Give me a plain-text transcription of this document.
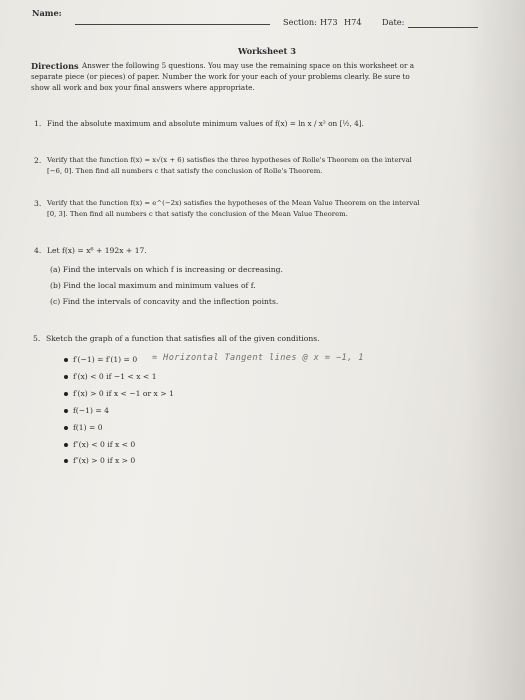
Name:
Section: H73 H74 Date:
Worksheet 3
Directions Answer the following 5 questions. You may use the remaining space on this worksheet or a
separate piece (or pieces) of paper. Number the work for your each of your problems clearly. Be sure to
show all work and box your final answers where appropriate.
1. Find the absolute maximum and absolute minimum values of f(x) = ln x / x² on [½, 4].
2. Verify that the function f(x) = x√(x + 6) satisfies the three hypotheses of Rolle's Theorem on the interval
[−6, 0]. Then find all numbers c that satisfy the conclusion of Rolle's Theorem.
3. Verify that the function f(x) = e^(−2x) satisfies the hypotheses of the Mean Value Theorem on the interval
[0, 3]. Then find all numbers c that satisfy the conclusion of the Mean Value Theorem.
4. Let f(x) = x⁶ + 192x + 17.
(a) Find the intervals on which f is increasing or decreasing.
(b) Find the local maximum and minimum values of f.
(c) Find the intervals of concavity and the inflection points.
5. Sketch the graph of a function that satisfies all of the given conditions.
f′(−1) = f′(1) = 0 = Horizontal Tangent lines @ x = −1, 1
f′(x) < 0 if −1 < x < 1
f′(x) > 0 if x < −1 or x > 1
f(−1) = 4
f(1) = 0
f″(x) < 0 if x < 0
f″(x) > 0 if x > 0
